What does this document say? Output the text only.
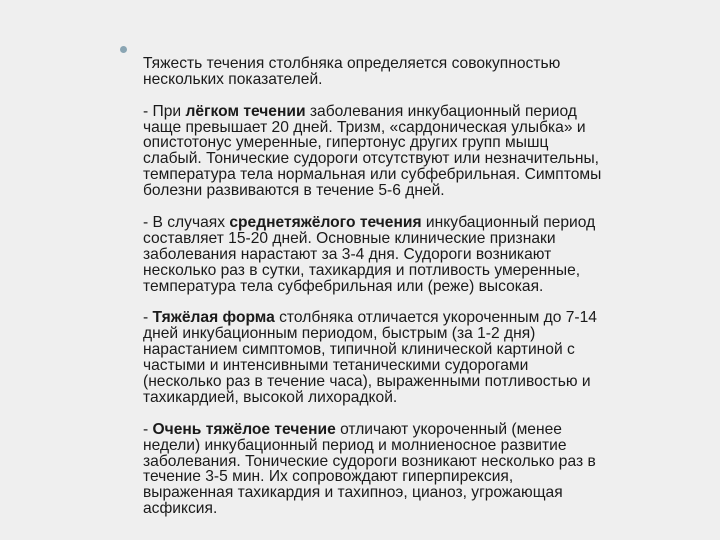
Тяжесть течения столбняка определяется совокупностью
нескольких показателей.

- При лёгком течении заболевания инкубационный период
чаще превышает 20 дней. Тризм, «сардоническая улыбка» и
опистотонус умеренные, гипертонус других групп мышц
слабый. Тонические судороги отсутствуют или незначительны,
температура тела нормальная или субфебрильная. Симптомы
болезни развиваются в течение 5-6 дней.

- В случаях среднетяжёлого течения инкубационный период
составляет 15-20 дней. Основные клинические признаки
заболевания нарастают за 3-4 дня. Судороги возникают
несколько раз в сутки, тахикардия и потливость умеренные,
температура тела субфебрильная или (реже) высокая.

- Тяжёлая форма столбняка отличается укороченным до 7-14
дней инкубационным периодом, быстрым (за 1-2 дня)
нарастанием симптомов, типичной клинической картиной с
частыми и интенсивными тетаническими судорогами
(несколько раз в течение часа), выраженными потливостью и
тахикардией, высокой лихорадкой.

- Очень тяжёлое течение отличают укороченный (менее
недели) инкубационный период и молниеносное развитие
заболевания. Тонические судороги возникают несколько раз в
течение 3-5 мин. Их сопровождают гиперпирексия,
выраженная тахикардия и тахипноэ, цианоз, угрожающая
асфиксия.
